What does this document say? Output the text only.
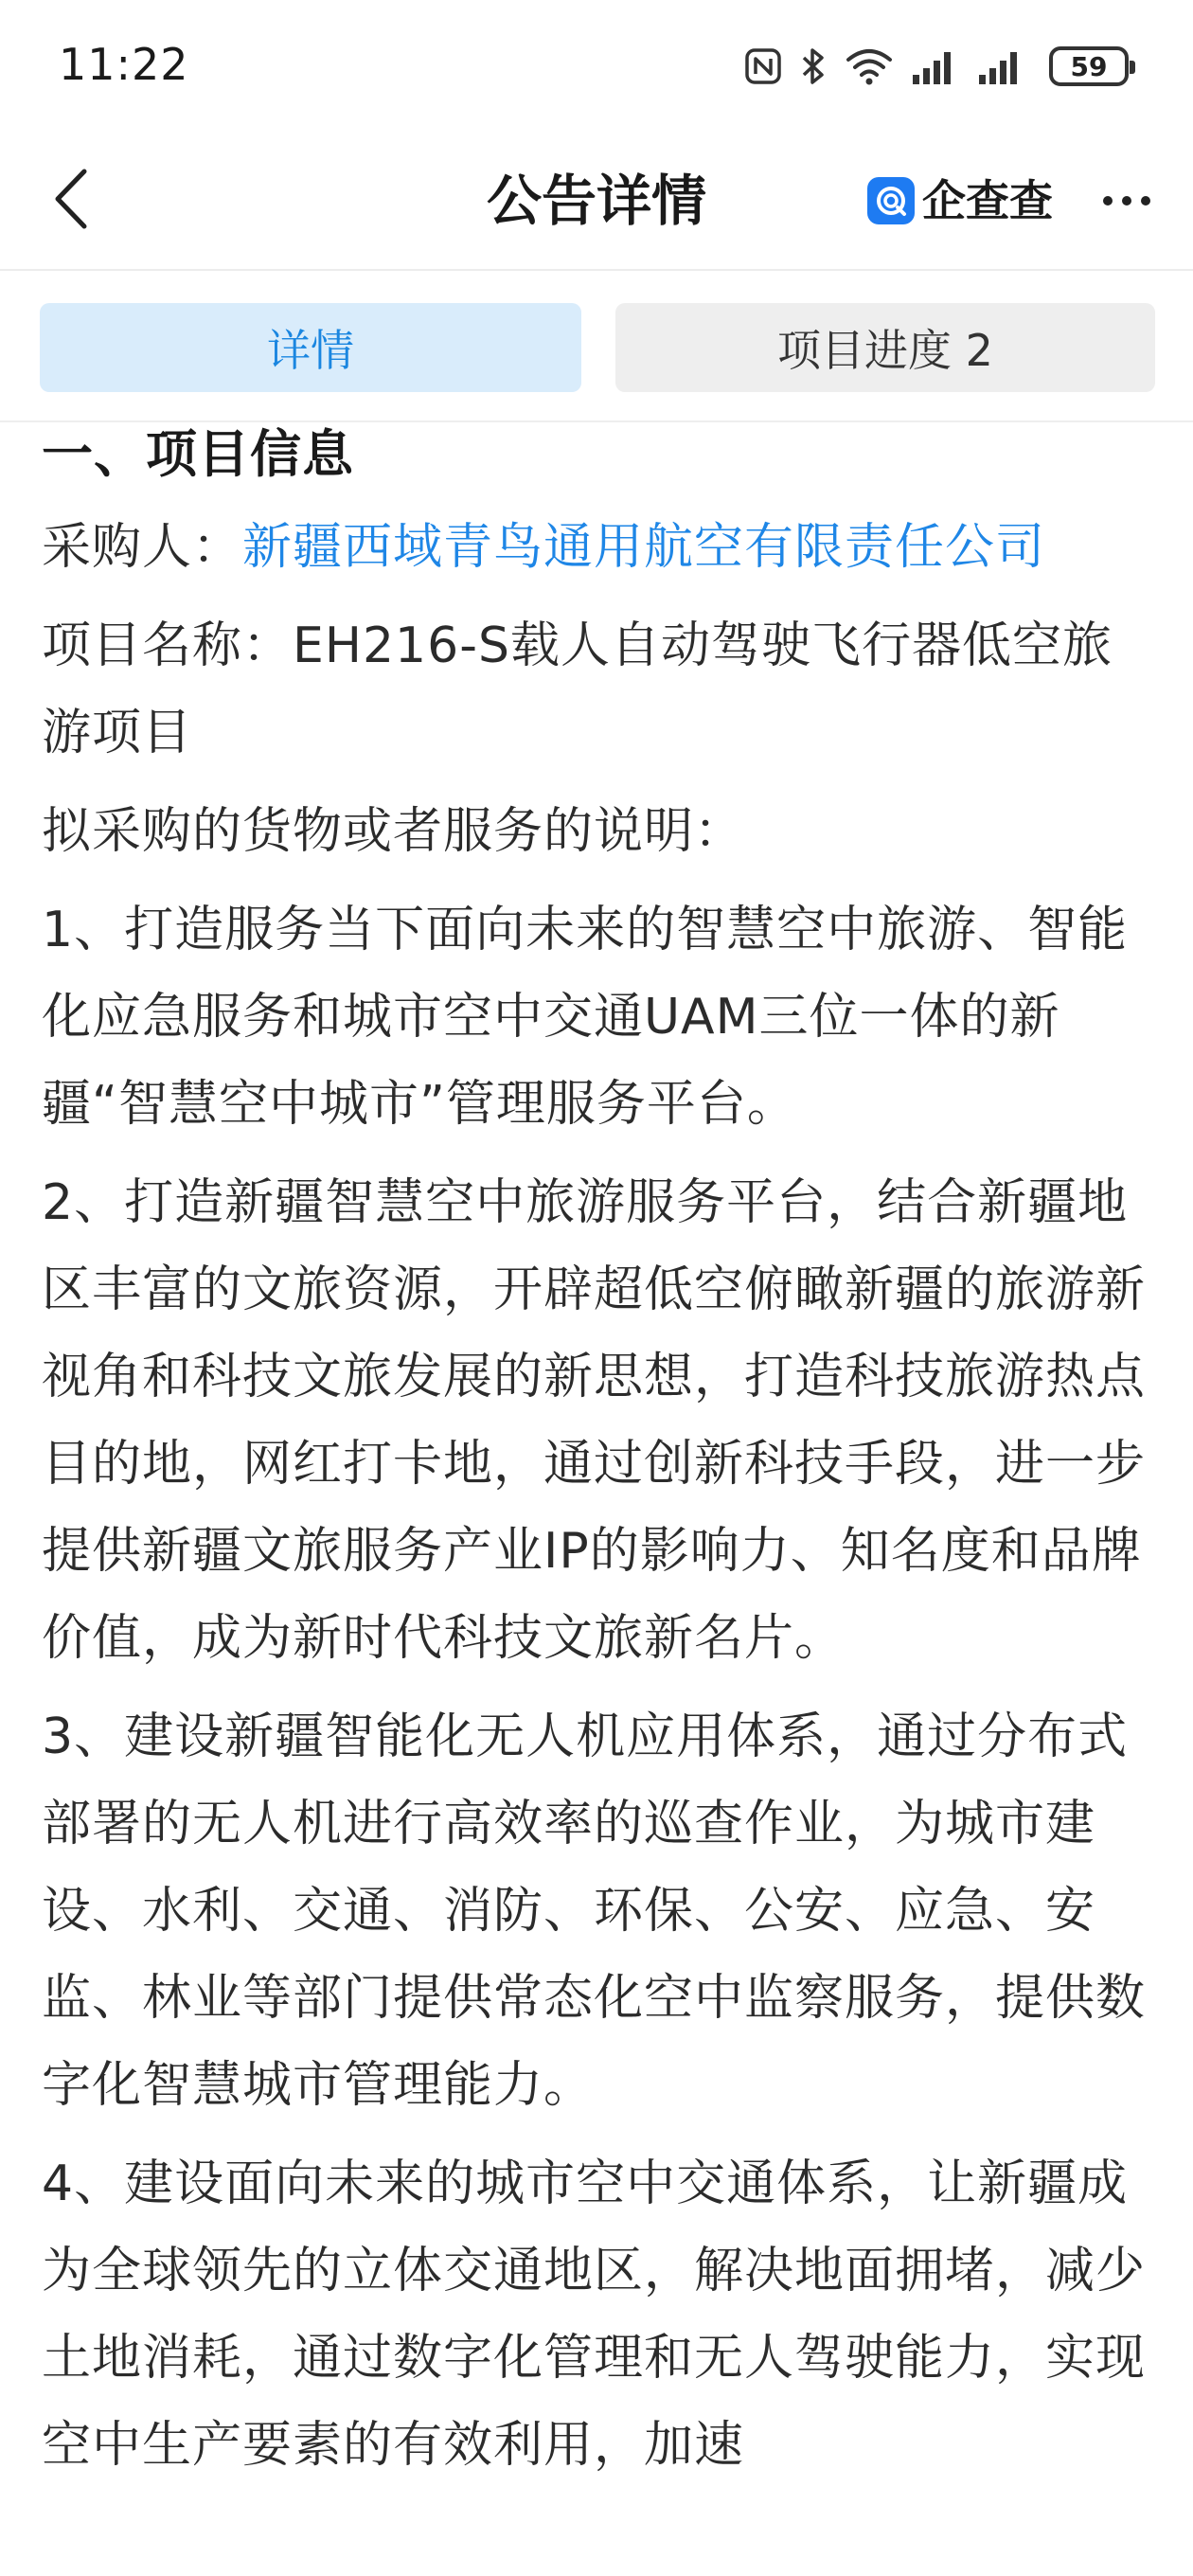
11:22	59
公告详情	企查查
详情	项目进度 2
一、项目信息
采购人：新疆西域青鸟通用航空有限责任公司
项目名称：EH216-S载人自动驾驶飞行器低空旅游项目
拟采购的货物或者服务的说明：
1、打造服务当下面向未来的智慧空中旅游、智能化应急服务和城市空中交通UAM三位一体的新疆“智慧空中城市”管理服务平台。
2、打造新疆智慧空中旅游服务平台，结合新疆地区丰富的文旅资源，开辟超低空俯瞰新疆的旅游新视角和科技文旅发展的新思想，打造科技旅游热点目的地，网红打卡地，通过创新科技手段，进一步提供新疆文旅服务产业IP的影响力、知名度和品牌价值，成为新时代科技文旅新名片。
3、建设新疆智能化无人机应用体系，通过分布式部署的无人机进行高效率的巡查作业，为城市建设、水利、交通、消防、环保、公安、应急、安监、林业等部门提供常态化空中监察服务，提供数字化智慧城市管理能力。
4、建设面向未来的城市空中交通体系，让新疆成为全球领先的立体交通地区，解决地面拥堵，减少土地消耗，通过数字化管理和无人驾驶能力，实现空中生产要素的有效利用，加速
